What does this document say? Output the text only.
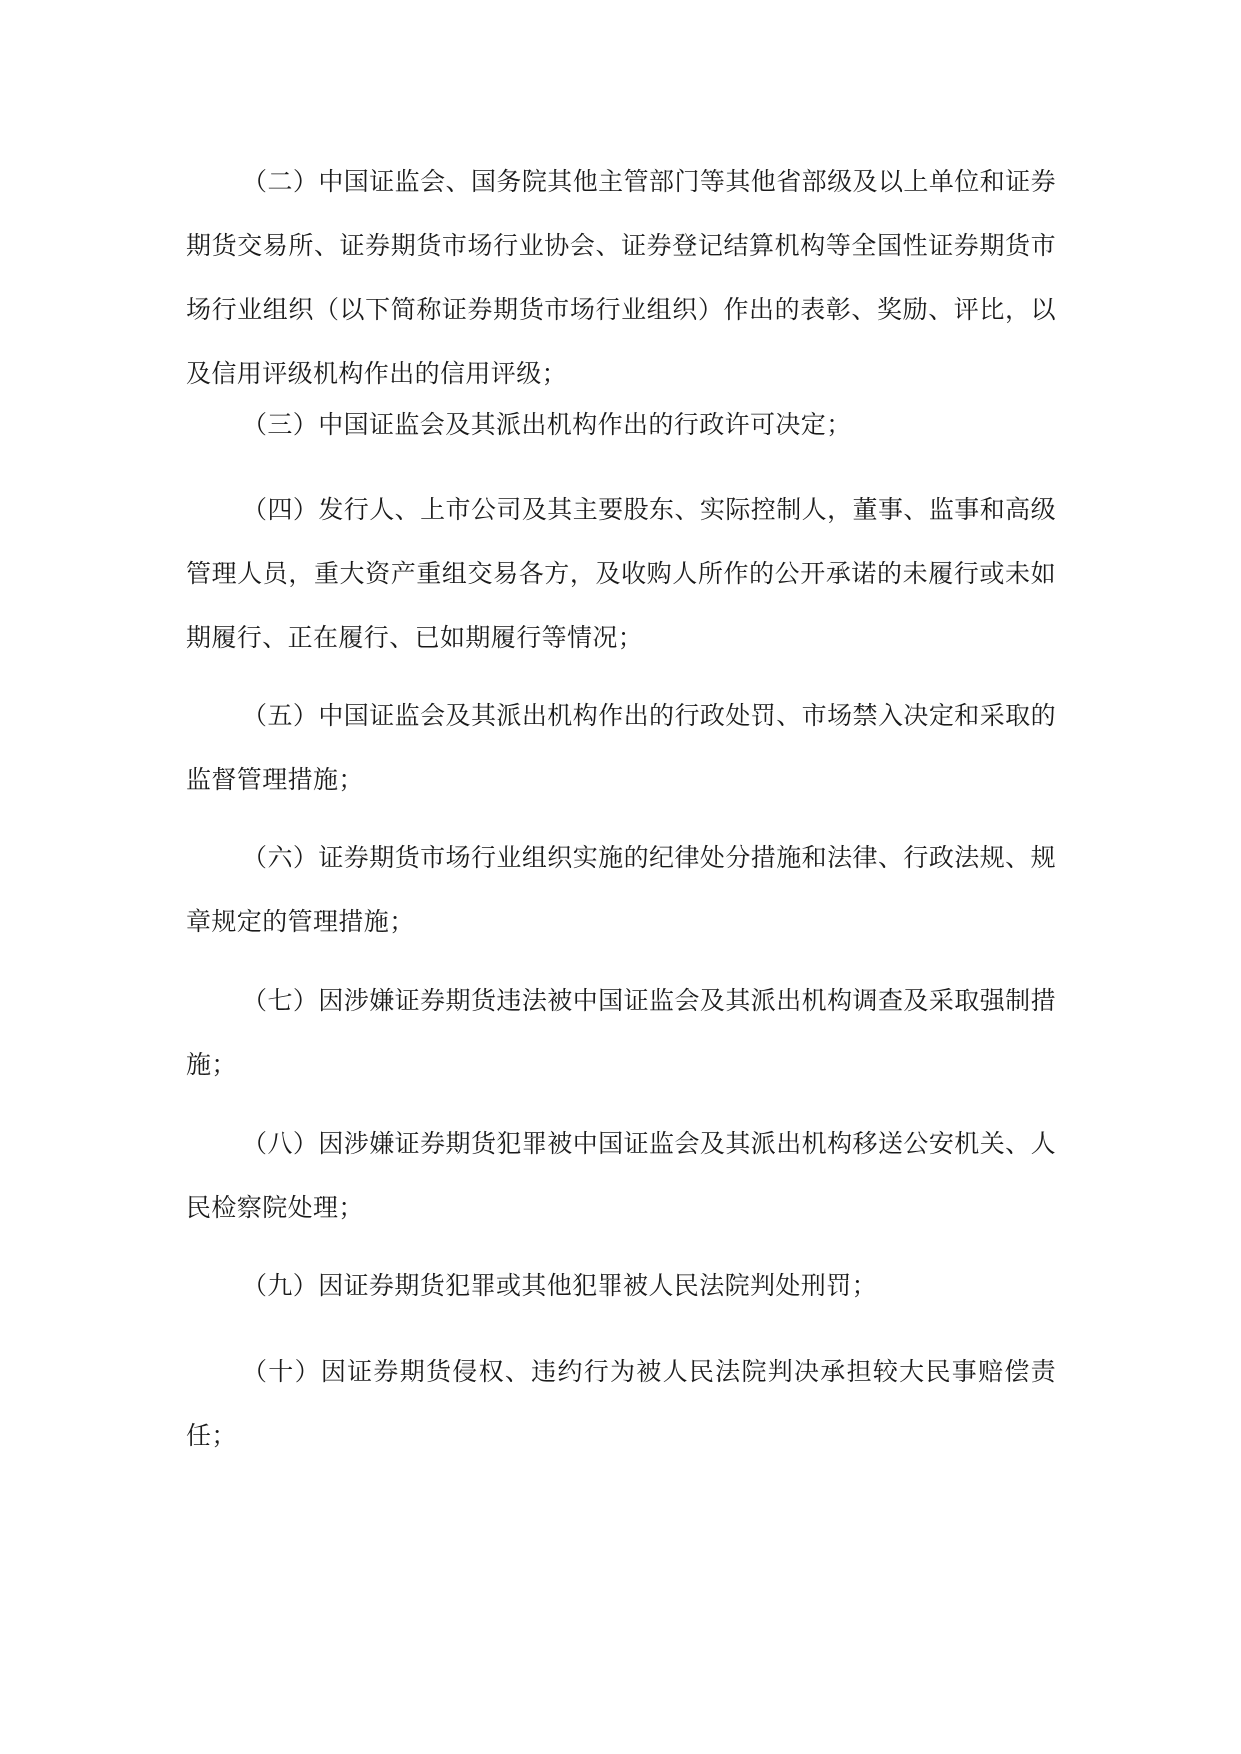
（二）中国证监会、国务院其他主管部门等其他省部级及以上单位和证券期货交易所、证券期货市场行业协会、证券登记结算机构等全国性证券期货市场行业组织（以下简称证券期货市场行业组织）作出的表彰、奖励、评比，以及信用评级机构作出的信用评级；

（三）中国证监会及其派出机构作出的行政许可决定；

（四）发行人、上市公司及其主要股东、实际控制人，董事、监事和高级管理人员，重大资产重组交易各方，及收购人所作的公开承诺的未履行或未如期履行、正在履行、已如期履行等情况；

（五）中国证监会及其派出机构作出的行政处罚、市场禁入决定和采取的监督管理措施；

（六）证券期货市场行业组织实施的纪律处分措施和法律、行政法规、规章规定的管理措施；

（七）因涉嫌证券期货违法被中国证监会及其派出机构调查及采取强制措施；

（八）因涉嫌证券期货犯罪被中国证监会及其派出机构移送公安机关、人民检察院处理；

（九）因证券期货犯罪或其他犯罪被人民法院判处刑罚；

（十）因证券期货侵权、违约行为被人民法院判决承担较大民事赔偿责任；
